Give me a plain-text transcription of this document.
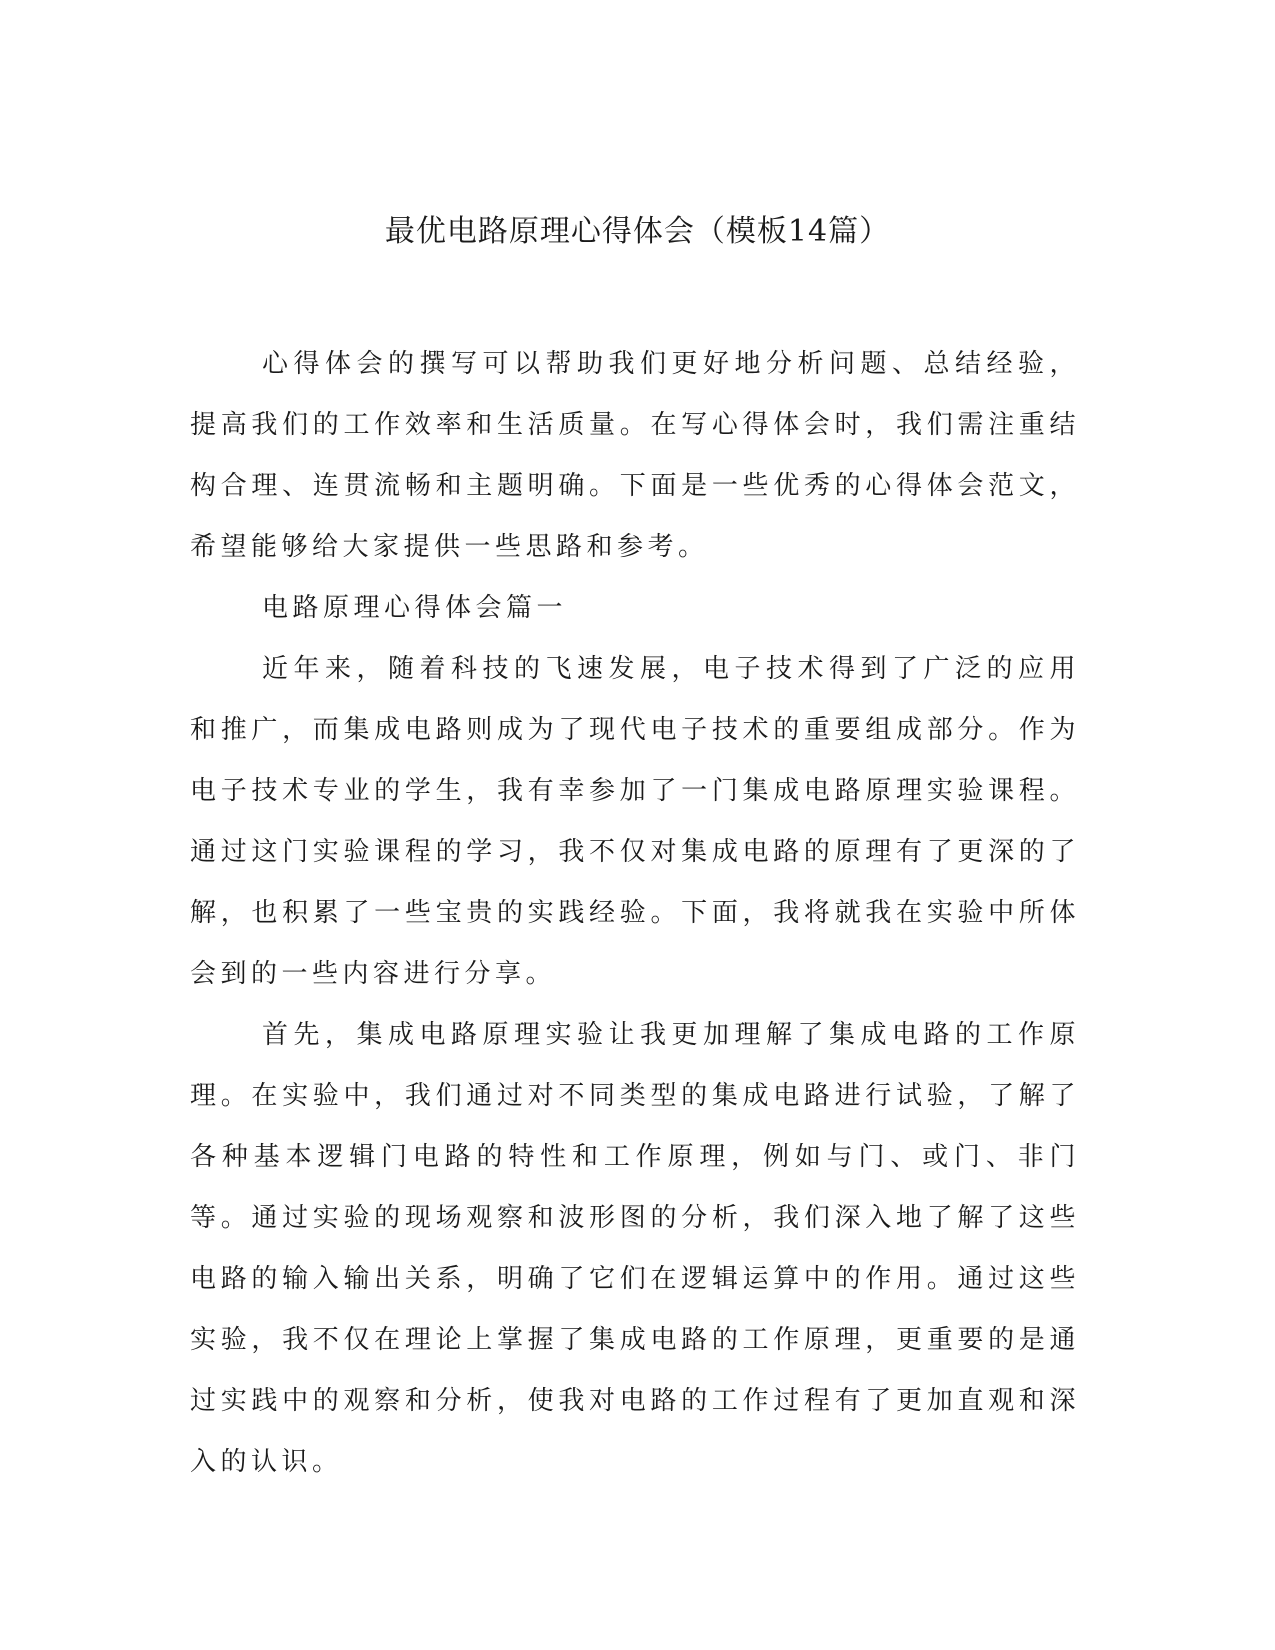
最优电路原理心得体会（模板14篇）

心得体会的撰写可以帮助我们更好地分析问题、总结经验，提高我们的工作效率和生活质量。在写心得体会时，我们需注重结构合理、连贯流畅和主题明确。下面是一些优秀的心得体会范文，希望能够给大家提供一些思路和参考。

电路原理心得体会篇一

近年来，随着科技的飞速发展，电子技术得到了广泛的应用和推广，而集成电路则成为了现代电子技术的重要组成部分。作为电子技术专业的学生，我有幸参加了一门集成电路原理实验课程。通过这门实验课程的学习，我不仅对集成电路的原理有了更深的了解，也积累了一些宝贵的实践经验。下面，我将就我在实验中所体会到的一些内容进行分享。

首先，集成电路原理实验让我更加理解了集成电路的工作原理。在实验中，我们通过对不同类型的集成电路进行试验，了解了各种基本逻辑门电路的特性和工作原理，例如与门、或门、非门等。通过实验的现场观察和波形图的分析，我们深入地了解了这些电路的输入输出关系，明确了它们在逻辑运算中的作用。通过这些实验，我不仅在理论上掌握了集成电路的工作原理，更重要的是通过实践中的观察和分析，使我对电路的工作过程有了更加直观和深入的认识。
